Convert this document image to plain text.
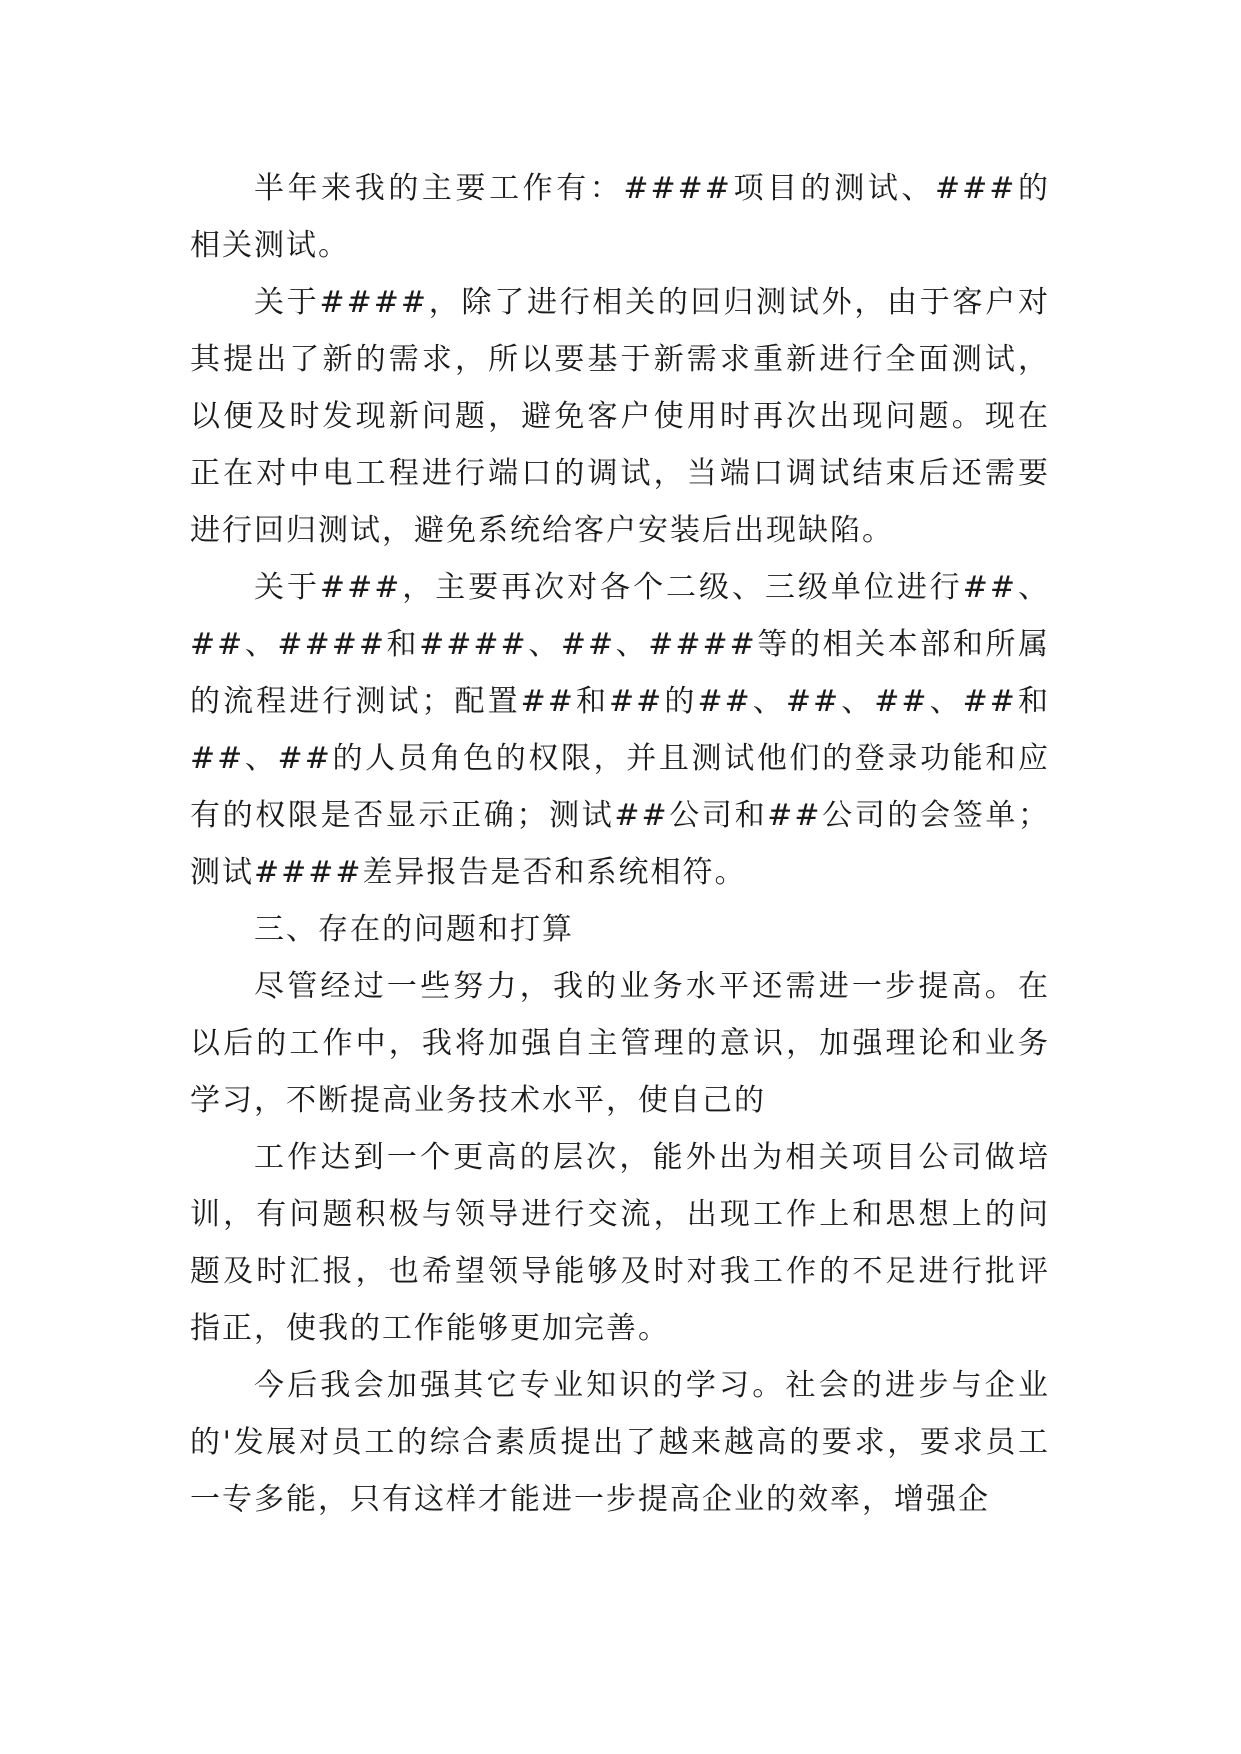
半年来我的主要工作有：####项目的测试、###的相关测试。

关于####，除了进行相关的回归测试外，由于客户对其提出了新的需求，所以要基于新需求重新进行全面测试，以便及时发现新问题，避免客户使用时再次出现问题。现在正在对中电工程进行端口的调试，当端口调试结束后还需要进行回归测试，避免系统给客户安装后出现缺陷。

关于###，主要再次对各个二级、三级单位进行##、##、####和####、##、####等的相关本部和所属的流程进行测试；配置##和##的##、##、##、##和##、##的人员角色的权限，并且测试他们的登录功能和应有的权限是否显示正确；测试##公司和##公司的会签单；测试####差异报告是否和系统相符。

三、存在的问题和打算

尽管经过一些努力，我的业务水平还需进一步提高。在以后的工作中，我将加强自主管理的意识，加强理论和业务学习，不断提高业务技术水平，使自己的

工作达到一个更高的层次，能外出为相关项目公司做培训，有问题积极与领导进行交流，出现工作上和思想上的问题及时汇报，也希望领导能够及时对我工作的不足进行批评指正，使我的工作能够更加完善。

今后我会加强其它专业知识的学习。社会的进步与企业的'发展对员工的综合素质提出了越来越高的要求，要求员工一专多能，只有这样才能进一步提高企业的效率，增强企
